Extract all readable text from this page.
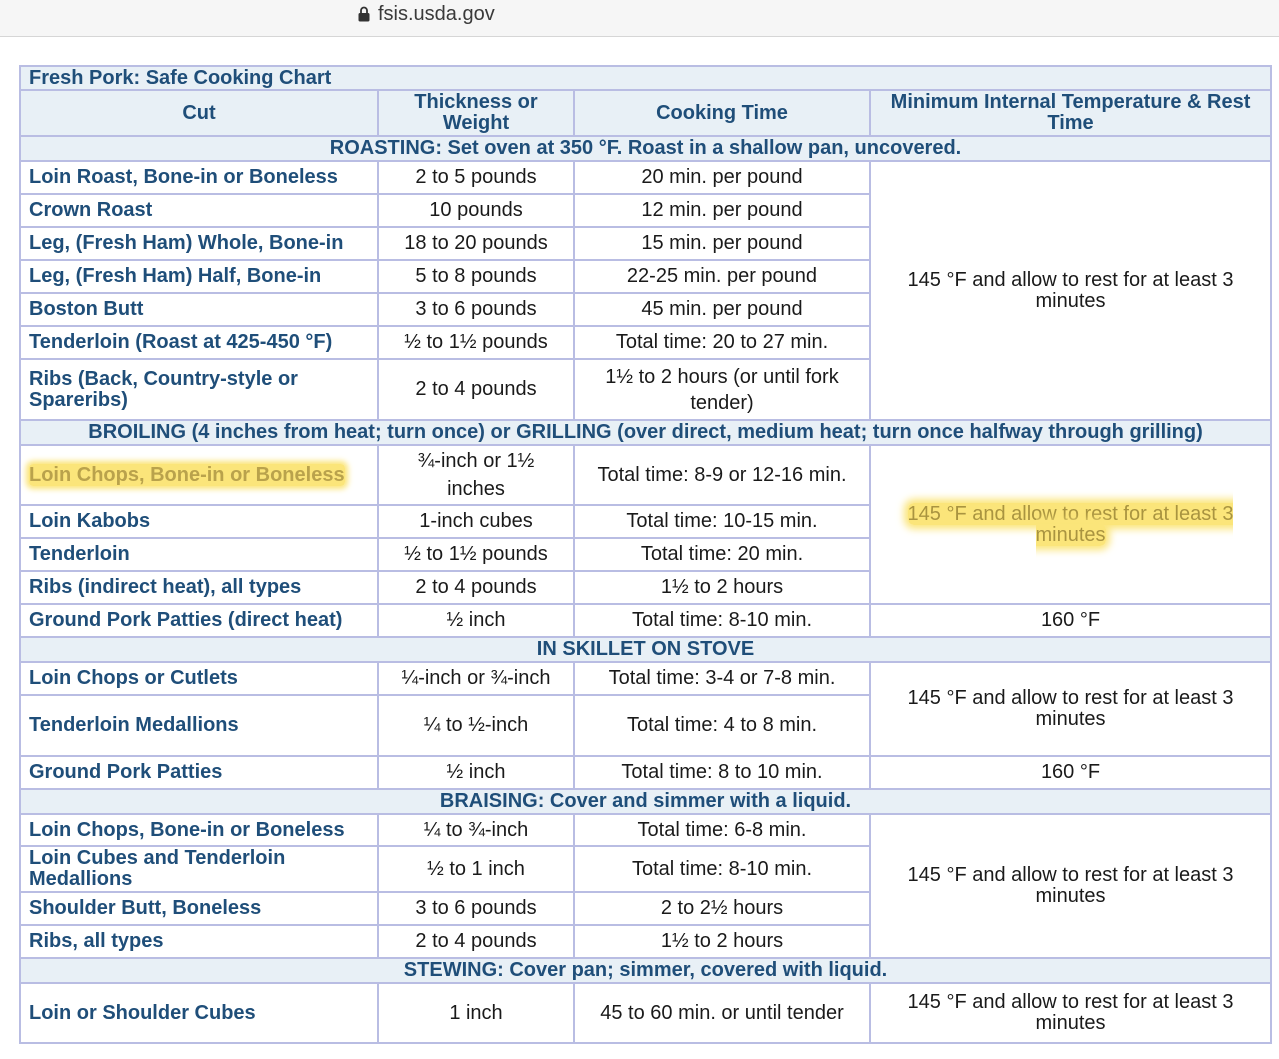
fsis.usda.gov
Fresh Pork: Safe Cooking Chart			
Cut	Thickness or Weight	Cooking Time	Minimum Internal Temperature & Rest Time
ROASTING: Set oven at 350 °F. Roast in a shallow pan, uncovered.			
Loin Roast, Bone-in or Boneless	2 to 5 pounds	20 min. per pound	145 °F and allow to rest for at least 3 minutes
Crown Roast	10 pounds	12 min. per pound	
Leg, (Fresh Ham) Whole, Bone-in	18 to 20 pounds	15 min. per pound	
Leg, (Fresh Ham) Half, Bone-in	5 to 8 pounds	22-25 min. per pound	
Boston Butt	3 to 6 pounds	45 min. per pound	
Tenderloin (Roast at 425-450 °F)	½ to 1½ pounds	Total time: 20 to 27 min.	
Ribs (Back, Country-style or Spareribs)	2 to 4 pounds	1½ to 2 hours (or until fork tender)	
BROILING (4 inches from heat; turn once) or GRILLING (over direct, medium heat; turn once halfway through grilling)			
Loin Chops, Bone-in or Boneless	¾-inch or 1½ inches	Total time: 8-9 or 12-16 min.	145 °F and allow to rest for at least 3 minutes
Loin Kabobs	1-inch cubes	Total time: 10-15 min.	
Tenderloin	½ to 1½ pounds	Total time: 20 min.	
Ribs (indirect heat), all types	2 to 4 pounds	1½ to 2 hours	
Ground Pork Patties (direct heat)	½ inch	Total time: 8-10 min.	160 °F
IN SKILLET ON STOVE			
Loin Chops or Cutlets	¼-inch or ¾-inch	Total time: 3-4 or 7-8 min.	145 °F and allow to rest for at least 3 minutes
Tenderloin Medallions	¼ to ½-inch	Total time: 4 to 8 min.	
Ground Pork Patties	½ inch	Total time: 8 to 10 min.	160 °F
BRAISING: Cover and simmer with a liquid.			
Loin Chops, Bone-in or Boneless	¼ to ¾-inch	Total time: 6-8 min.	145 °F and allow to rest for at least 3 minutes
Loin Cubes and Tenderloin Medallions	½ to 1 inch	Total time: 8-10 min.	
Shoulder Butt, Boneless	3 to 6 pounds	2 to 2½ hours	
Ribs, all types	2 to 4 pounds	1½ to 2 hours	
STEWING: Cover pan; simmer, covered with liquid.			
Loin or Shoulder Cubes	1 inch	45 to 60 min. or until tender	145 °F and allow to rest for at least 3 minutes
